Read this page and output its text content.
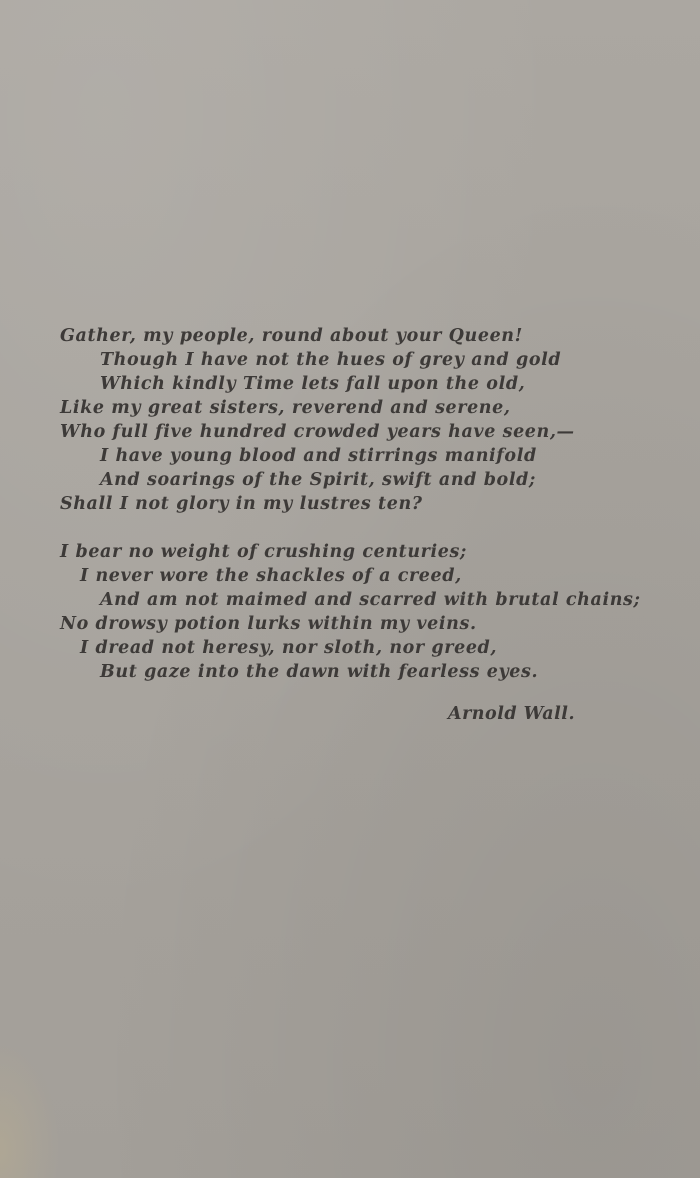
Gather, my people, round about your Queen!
Though I have not the hues of grey and gold
Which kindly Time lets fall upon the old,
Like my great sisters, reverend and serene,
Who full five hundred crowded years have seen,—
I have young blood and stirrings manifold
And soarings of the Spirit, swift and bold;
Shall I not glory in my lustres ten?
I bear no weight of crushing centuries;
I never wore the shackles of a creed,
And am not maimed and scarred with brutal chains;
No drowsy potion lurks within my veins.
I dread not heresy, nor sloth, nor greed,
But gaze into the dawn with fearless eyes.
Arnold Wall.
